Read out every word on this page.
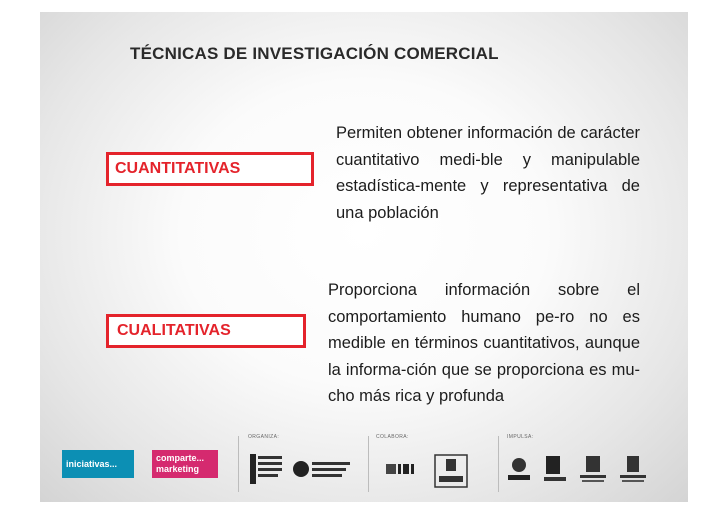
TÉCNICAS DE INVESTIGACIÓN COMERCIAL
CUANTITATIVAS
Permiten obtener información de carácter cuantitativo medi-ble y manipulable estadística-mente y representativa de una población
CUALITATIVAS
Proporciona información sobre el comportamiento humano pe-ro no es medible en términos cuantitativos, aunque la informa-ción que se proporciona es mu-cho más rica y profunda
iniciativas...
comparte... marketing
ORGANIZA:	COLABORA:	IMPULSA:
